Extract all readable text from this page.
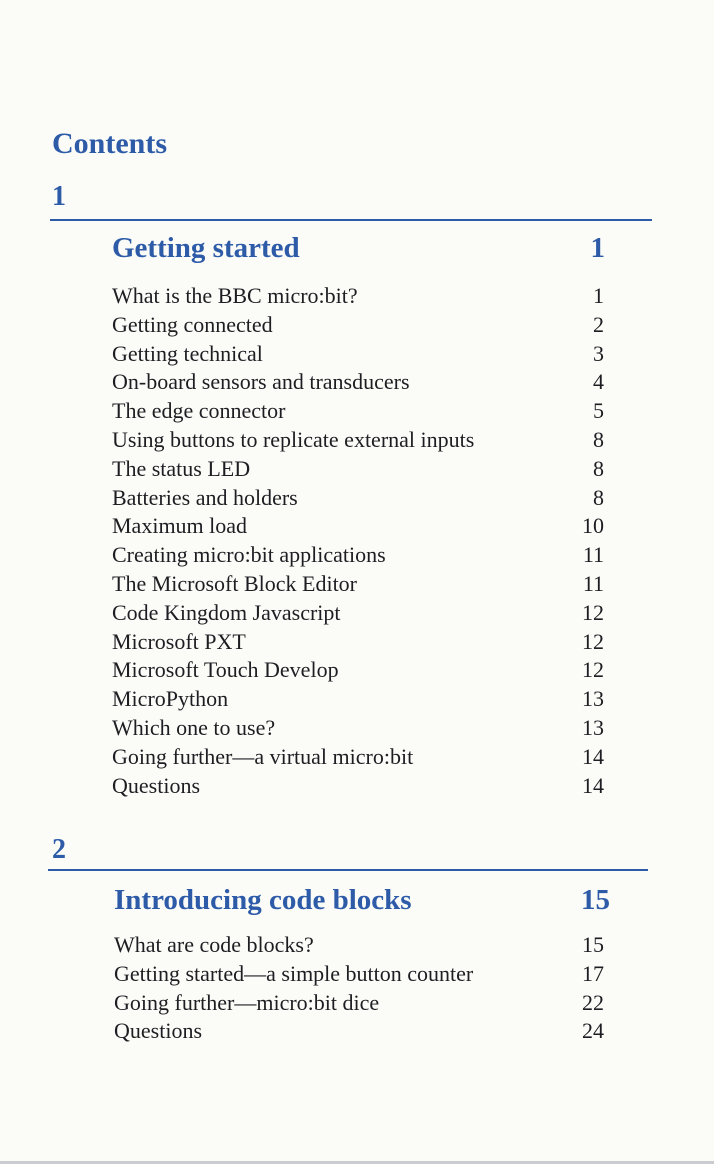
Contents
1
Getting started	1
What is the BBC micro:bit?	1
Getting connected	2
Getting technical	3
On-board sensors and transducers	4
The edge connector	5
Using buttons to replicate external inputs	8
The status LED	8
Batteries and holders	8
Maximum load	10
Creating micro:bit applications	11
The Microsoft Block Editor	11
Code Kingdom Javascript	12
Microsoft PXT	12
Microsoft Touch Develop	12
MicroPython	13
Which one to use?	13
Going further—a virtual micro:bit	14
Questions	14
2
Introducing code blocks	15
What are code blocks?	15
Getting started—a simple button counter	17
Going further—micro:bit dice	22
Questions	24
